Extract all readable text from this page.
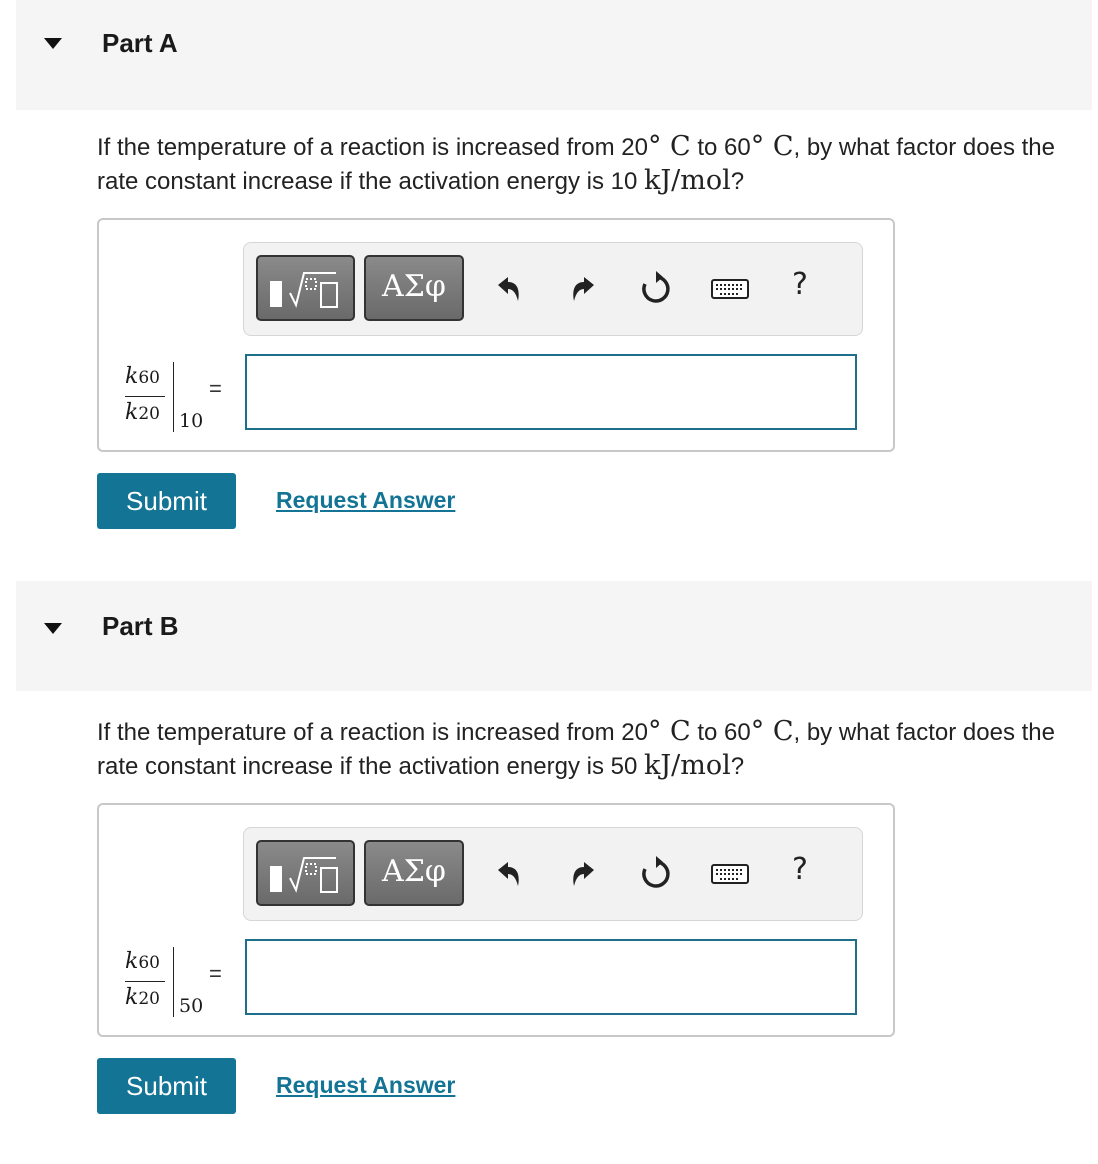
Part A
If the temperature of a reaction is increased from 20° C to 60° C, by what factor does the rate constant increase if the activation energy is 10 kJ/mol?
ΑΣφ	?
k60
k20 10
=
Submit	Request Answer
Part B
If the temperature of a reaction is increased from 20° C to 60° C, by what factor does the rate constant increase if the activation energy is 50 kJ/mol?
ΑΣφ	?
k60
k20 50
=
Submit	Request Answer
